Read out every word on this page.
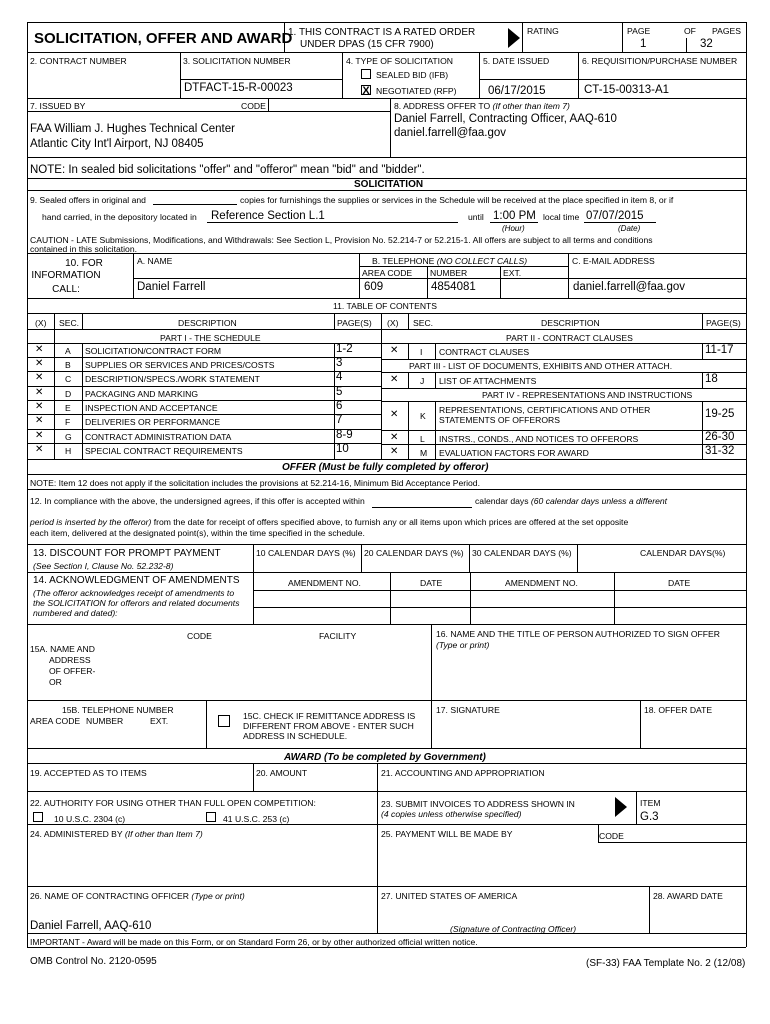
SOLICITATION, OFFER AND AWARD
1. THIS CONTRACT IS A RATED ORDER
UNDER DPAS (15 CFR 7900)
RATING	PAGE	OF PAGES
1	32
2. CONTRACT NUMBER	3. SOLICITATION NUMBER
DTFACT-15-R-00023
4. TYPE OF SOLICITATION
SEALED BID (IFB)
X NEGOTIATED (RFP)
5. DATE ISSUED
06/17/2015
6. REQUISITION/PURCHASE NUMBER
CT-15-00313-A1
7. ISSUED BY	CODE
FAA William J. Hughes Technical Center
Atlantic City Int'l Airport, NJ 08405
8. ADDRESS OFFER TO (If other than item 7)
Daniel Farrell, Contracting Officer, AAQ-610
daniel.farrell@faa.gov
NOTE: In sealed bid solicitations "offer" and "offeror" mean "bid" and "bidder".
SOLICITATION
9. Sealed offers in original and	copies for furnishings the supplies or services in the Schedule will be received at the place specified in item 8, or if
hand carried, in the depository located in Reference Section L.1	until 1:00 PM local time 07/07/2015
(Hour)	(Date)
CAUTION - LATE Submissions, Modifications, and Withdrawals: See Section L, Provision No. 52.214-7 or 52.215-1. All offers are subject to all terms and conditions
contained in this solicitation.
10. FOR
INFORMATION
CALL:
A. NAME
Daniel Farrell
B. TELEPHONE (NO COLLECT CALLS)
AREA CODE NUMBER	EXT.
609	4854081
C. E-MAIL ADDRESS
daniel.farrell@faa.gov
11. TABLE OF CONTENTS
(X) SEC.	DESCRIPTION	PAGE(S) (X) SEC.	DESCRIPTION	PAGE(S)
PART I - THE SCHEDULE	PART II - CONTRACT CLAUSES
✕	A SOLICITATION/CONTRACT FORM	1-2
✕	B SUPPLIES OR SERVICES AND PRICES/COSTS	3
✕	C DESCRIPTION/SPECS./WORK STATEMENT	4
✕	D PACKAGING AND MARKING	5
✕	E INSPECTION AND ACCEPTANCE	6
✕	F DELIVERIES OR PERFORMANCE	7
✕	G CONTRACT ADMINISTRATION DATA	8-9
✕	H SPECIAL CONTRACT REQUIREMENTS	10
✕	I CONTRACT CLAUSES	11-17
PART III - LIST OF DOCUMENTS, EXHIBITS AND OTHER ATTACH.
✕	J LIST OF ATTACHMENTS	18
PART IV - REPRESENTATIONS AND INSTRUCTIONS
✕	K
REPRESENTATIONS, CERTIFICATIONS AND OTHER
STATEMENTS OF OFFERORS	19-25
✕	L INSTRS., CONDS., AND NOTICES TO OFFERORS	26-30
✕	M EVALUATION FACTORS FOR AWARD	31-32
OFFER (Must be fully completed by offeror)
NOTE: Item 12 does not apply if the solicitation includes the provisions at 52.214-16, Minimum Bid Acceptance Period.
12. In compliance with the above, the undersigned agrees, if this offer is accepted within	calendar days (60 calendar days unless a different
period is inserted by the offeror) from the date for receipt of offers specified above, to furnish any or all items upon which prices are offered at the set opposite
each item, delivered at the designated point(s), within the time specified in the schedule.
13. DISCOUNT FOR PROMPT PAYMENT
(See Section I, Clause No. 52.232-8)
10 CALENDAR DAYS (%) 20 CALENDAR DAYS (%) 30 CALENDAR DAYS (%)	CALENDAR DAYS(%)
14. ACKNOWLEDGMENT OF AMENDMENTS
(The offeror acknowledges receipt of amendments to
the SOLICITATION for offerors and related documents
numbered and dated):
AMENDMENT NO.	DATE	AMENDMENT NO.	DATE
CODE	FACILITY
15A. NAME AND
ADDRESS
OF OFFER-
OR
16. NAME AND THE TITLE OF PERSON AUTHORIZED TO SIGN OFFER
(Type or print)
15B. TELEPHONE NUMBER
AREA CODE NUMBER	EXT.	15C. CHECK IF REMITTANCE ADDRESS IS
DIFFERENT FROM ABOVE - ENTER SUCH
ADDRESS IN SCHEDULE.
17. SIGNATURE	18. OFFER DATE
AWARD (To be completed by Government)
19. ACCEPTED AS TO ITEMS	20. AMOUNT	21. ACCOUNTING AND APPROPRIATION
22. AUTHORITY FOR USING OTHER THAN FULL OPEN COMPETITION:
10 U.S.C. 2304 (c)	41 U.S.C. 253 (c)
23. SUBMIT INVOICES TO ADDRESS SHOWN IN
(4 copies unless otherwise specified)
ITEM
G.3
24. ADMINISTERED BY (If other than Item 7)	25. PAYMENT WILL BE MADE BY	CODE
26. NAME OF CONTRACTING OFFICER (Type or print)	27. UNITED STATES OF AMERICA	28. AWARD DATE
Daniel Farrell, AAQ-610	(Signature of Contracting Officer)
IMPORTANT - Award will be made on this Form, or on Standard Form 26, or by other authorized official written notice.
OMB Control No. 2120-0595	(SF-33) FAA Template No. 2 (12/08)
